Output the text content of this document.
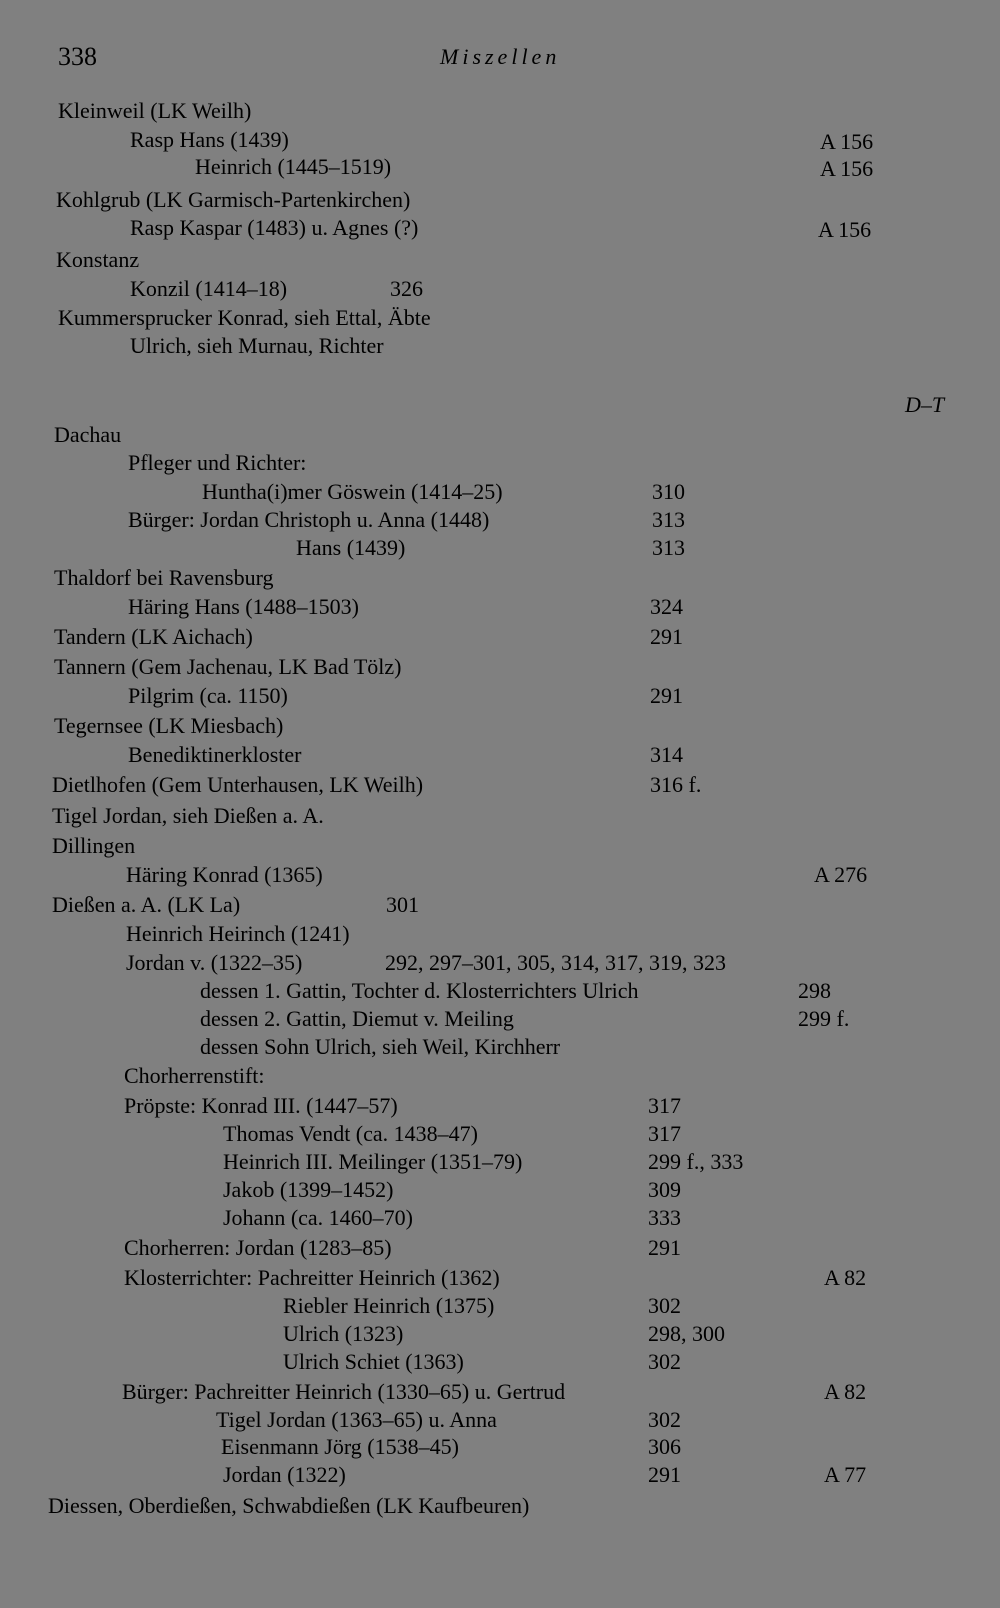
338	Miszellen
D–T
Kleinweil (LK Weilh)
Rasp Hans (1439)	A 156
Heinrich (1445–1519)	A 156
Kohlgrub (LK Garmisch-Partenkirchen)
Rasp Kaspar (1483) u. Agnes (?)	A 156
Konstanz
Konzil (1414–18)	326
Kummersprucker Konrad, sieh Ettal, Äbte
Ulrich, sieh Murnau, Richter
Dachau
Pfleger und Richter:
Huntha(i)mer Göswein (1414–25)	310
Bürger: Jordan Christoph u. Anna (1448)	313
Hans (1439)	313
Thaldorf bei Ravensburg
Häring Hans (1488–1503)	324
Tandern (LK Aichach)	291
Tannern (Gem Jachenau, LK Bad Tölz)
Pilgrim (ca. 1150)	291
Tegernsee (LK Miesbach)
Benediktinerkloster	314
Dietlhofen (Gem Unterhausen, LK Weilh)	316 f.
Tigel Jordan, sieh Dießen a. A.
Dillingen
Häring Konrad (1365)	A 276
Dießen a. A. (LK La)	301
Heinrich Heirinch (1241)
Jordan v. (1322–35)	292, 297–301, 305, 314, 317, 319, 323
dessen 1. Gattin, Tochter d. Klosterrichters Ulrich	298
dessen 2. Gattin, Diemut v. Meiling	299 f.
dessen Sohn Ulrich, sieh Weil, Kirchherr
Chorherrenstift:
Pröpste: Konrad III. (1447–57)	317
Thomas Vendt (ca. 1438–47)	317
Heinrich III. Meilinger (1351–79)	299 f., 333
Jakob (1399–1452)	309
Johann (ca. 1460–70)	333
Chorherren: Jordan (1283–85)	291
Klosterrichter: Pachreitter Heinrich (1362)	A 82
Riebler Heinrich (1375)	302
Ulrich (1323)	298, 300
Ulrich Schiet (1363)	302
Bürger: Pachreitter Heinrich (1330–65) u. Gertrud	A 82
Tigel Jordan (1363–65) u. Anna	302
Eisenmann Jörg (1538–45)	306
Jordan (1322)	291	A 77
Diessen, Oberdießen, Schwabdießen (LK Kaufbeuren)
